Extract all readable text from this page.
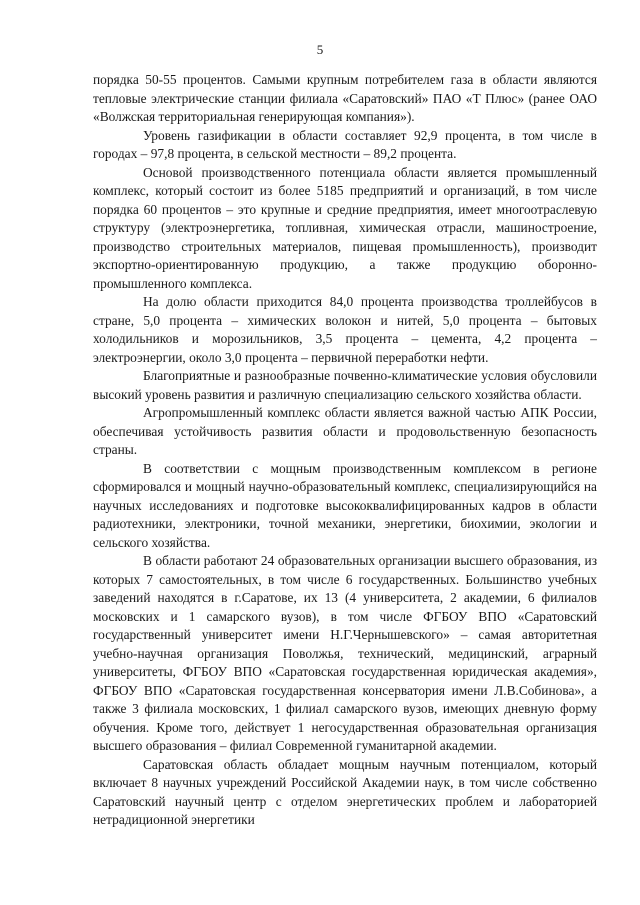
5

порядка 50-55 процентов. Самыми крупным потребителем газа в области являются тепловые электрические станции филиала «Саратовский» ПАО «Т Плюс» (ранее ОАО «Волжская территориальная генерирующая компания»).

Уровень газификации в области составляет 92,9 процента, в том числе в городах – 97,8 процента, в сельской местности – 89,2 процента.

Основой производственного потенциала области является промышленный комплекс, который состоит из более 5185 предприятий и организаций, в том числе порядка 60 процентов – это крупные и средние предприятия, имеет многоотраслевую структуру (электроэнергетика, топливная, химическая отрасли, машиностроение, производство строительных материалов, пищевая промышленность), производит экспортно-ориентированную продукцию, а также продукцию оборонно-промышленного комплекса.

На долю области приходится 84,0 процента производства троллейбусов в стране, 5,0 процента – химических волокон и нитей, 5,0 процента – бытовых холодильников и морозильников, 3,5 процента – цемента, 4,2 процента – электроэнергии, около 3,0 процента – первичной переработки нефти.

Благоприятные и разнообразные почвенно-климатические условия обусловили высокий уровень развития и различную специализацию сельского хозяйства области.

Агропромышленный комплекс области является важной частью АПК России, обеспечивая устойчивость развития области и продовольственную безопасность страны.

В соответствии с мощным производственным комплексом в регионе сформировался и мощный научно-образовательный комплекс, специализирующийся на научных исследованиях и подготовке высококвалифицированных кадров в области радиотехники, электроники, точной механики, энергетики, биохимии, экологии и сельского хозяйства.

В области работают 24 образовательных организации высшего образования, из которых 7 самостоятельных, в том числе 6 государственных. Большинство учебных заведений находятся в г.Саратове, их 13 (4 университета, 2 академии, 6 филиалов московских и 1 самарского вузов), в том числе ФГБОУ ВПО «Саратовский государственный университет имени Н.Г.Чернышевского» – самая авторитетная учебно-научная организация Поволжья, технический, медицинский, аграрный университеты, ФГБОУ ВПО «Саратовская государственная юридическая академия», ФГБОУ ВПО «Саратовская государственная консерватория имени Л.В.Собинова», а также 3 филиала московских, 1 филиал самарского вузов, имеющих дневную форму обучения. Кроме того, действует 1 негосударственная образовательная организация высшего образования – филиал Современной гуманитарной академии.

Саратовская область обладает мощным научным потенциалом, который включает 8 научных учреждений Российской Академии наук, в том числе собственно Саратовский научный центр с отделом энергетических проблем и лабораторией нетрадиционной энергетики
